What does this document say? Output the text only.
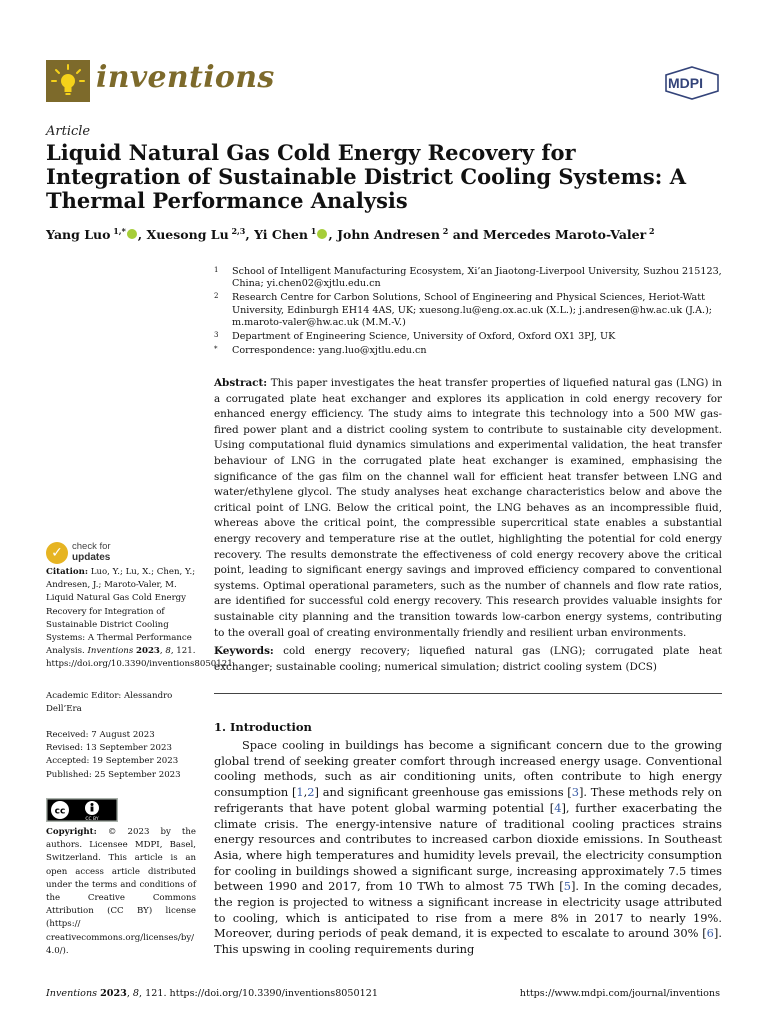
inventions	MDPI
Article
Liquid Natural Gas Cold Energy Recovery for Integration of Sustainable District Cooling Systems: A Thermal Performance Analysis
Yang Luo $^{1,*}$ , Xuesong Lu $^{2,3}$, Yi Chen $^1$ , John Andresen $^2$ and Mercedes Maroto-Valer $^2$
1 School of Intelligent Manufacturing Ecosystem, Xi’an Jiaotong-Liverpool University, Suzhou 215123, China; yi.chen02@xjtlu.edu.cn
2 Research Centre for Carbon Solutions, School of Engineering and Physical Sciences, Heriot-Watt University, Edinburgh EH14 4AS, UK; xuesong.lu@eng.ox.ac.uk (X.L.); j.andresen@hw.ac.uk (J.A.); m.maroto-valer@hw.ac.uk (M.M.-V.)
3 Department of Engineering Science, University of Oxford, Oxford OX1 3PJ, UK
* Correspondence: yang.luo@xjtlu.edu.cn
Abstract: This paper investigates the heat transfer properties of liquefied natural gas (LNG) in a corrugated plate heat exchanger and explores its application in cold energy recovery for enhanced energy efficiency. The study aims to integrate this technology into a 500 MW gas-fired power plant and a district cooling system to contribute to sustainable city development. Using computational fluid dynamics simulations and experimental validation, the heat transfer behaviour of LNG in the corrugated plate heat exchanger is examined, emphasising the significance of the gas film on the channel wall for efficient heat transfer between LNG and water/ethylene glycol. The study analyses heat exchange characteristics below and above the critical point of LNG. Below the critical point, the LNG behaves as an incompressible fluid, whereas above the critical point, the compressible supercritical state enables a substantial energy recovery and temperature rise at the outlet, highlighting the potential for cold energy recovery. The results demonstrate the effectiveness of cold energy recovery above the critical point, leading to significant energy savings and improved efficiency compared to conventional systems. Optimal operational parameters, such as the number of channels and flow rate ratios, are identified for successful cold energy recovery. This research provides valuable insights for sustainable city planning and the transition towards low-carbon energy systems, contributing to the overall goal of creating environmentally friendly and resilient urban environments.
Keywords: cold energy recovery; liquefied natural gas (LNG); corrugated plate heat exchanger; sustainable cooling; numerical simulation; district cooling system (DCS)
✓ check for
updates
Citation: Luo, Y.; Lu, X.; Chen, Y.; Andresen, J.; Maroto-Valer, M. Liquid Natural Gas Cold Energy Recovery for Integration of Sustainable District Cooling Systems: A Thermal Performance Analysis. Inventions 2023, 8, 121. https://doi.org/10.3390/inventions8050121
Academic Editor: Alessandro Dell’Era
Received: 7 August 2023
Revised: 13 September 2023
Accepted: 19 September 2023
Published: 25 September 2023
cc
CC BY
Copyright: © 2023 by the authors. Licensee MDPI, Basel, Switzerland. This article is an open access article distributed under the terms and conditions of the Creative Commons Attribution (CC BY) license (https:// creativecommons.org/licenses/by/ 4.0/).
1. Introduction
Space cooling in buildings has become a significant concern due to the growing global trend of seeking greater comfort through increased energy usage. Conventional cooling methods, such as air conditioning units, often contribute to high energy consumption [1,2] and significant greenhouse gas emissions [3]. These methods rely on refrigerants that have potent global warming potential [4], further exacerbating the climate crisis. The energy-intensive nature of traditional cooling practices strains energy resources and contributes to increased carbon dioxide emissions. In Southeast Asia, where high temperatures and humidity levels prevail, the electricity consumption for cooling in buildings showed a significant surge, increasing approximately 7.5 times between 1990 and 2017, from 10 TWh to almost 75 TWh [5]. In the coming decades, the region is projected to witness a significant increase in electricity usage attributed to cooling, which is anticipated to rise from a mere 8% in 2017 to nearly 19%. Moreover, during periods of peak demand, it is expected to escalate to around 30% [6]. This upswing in cooling requirements during
Inventions 2023, 8, 121. https://doi.org/10.3390/inventions8050121	https://www.mdpi.com/journal/inventions
